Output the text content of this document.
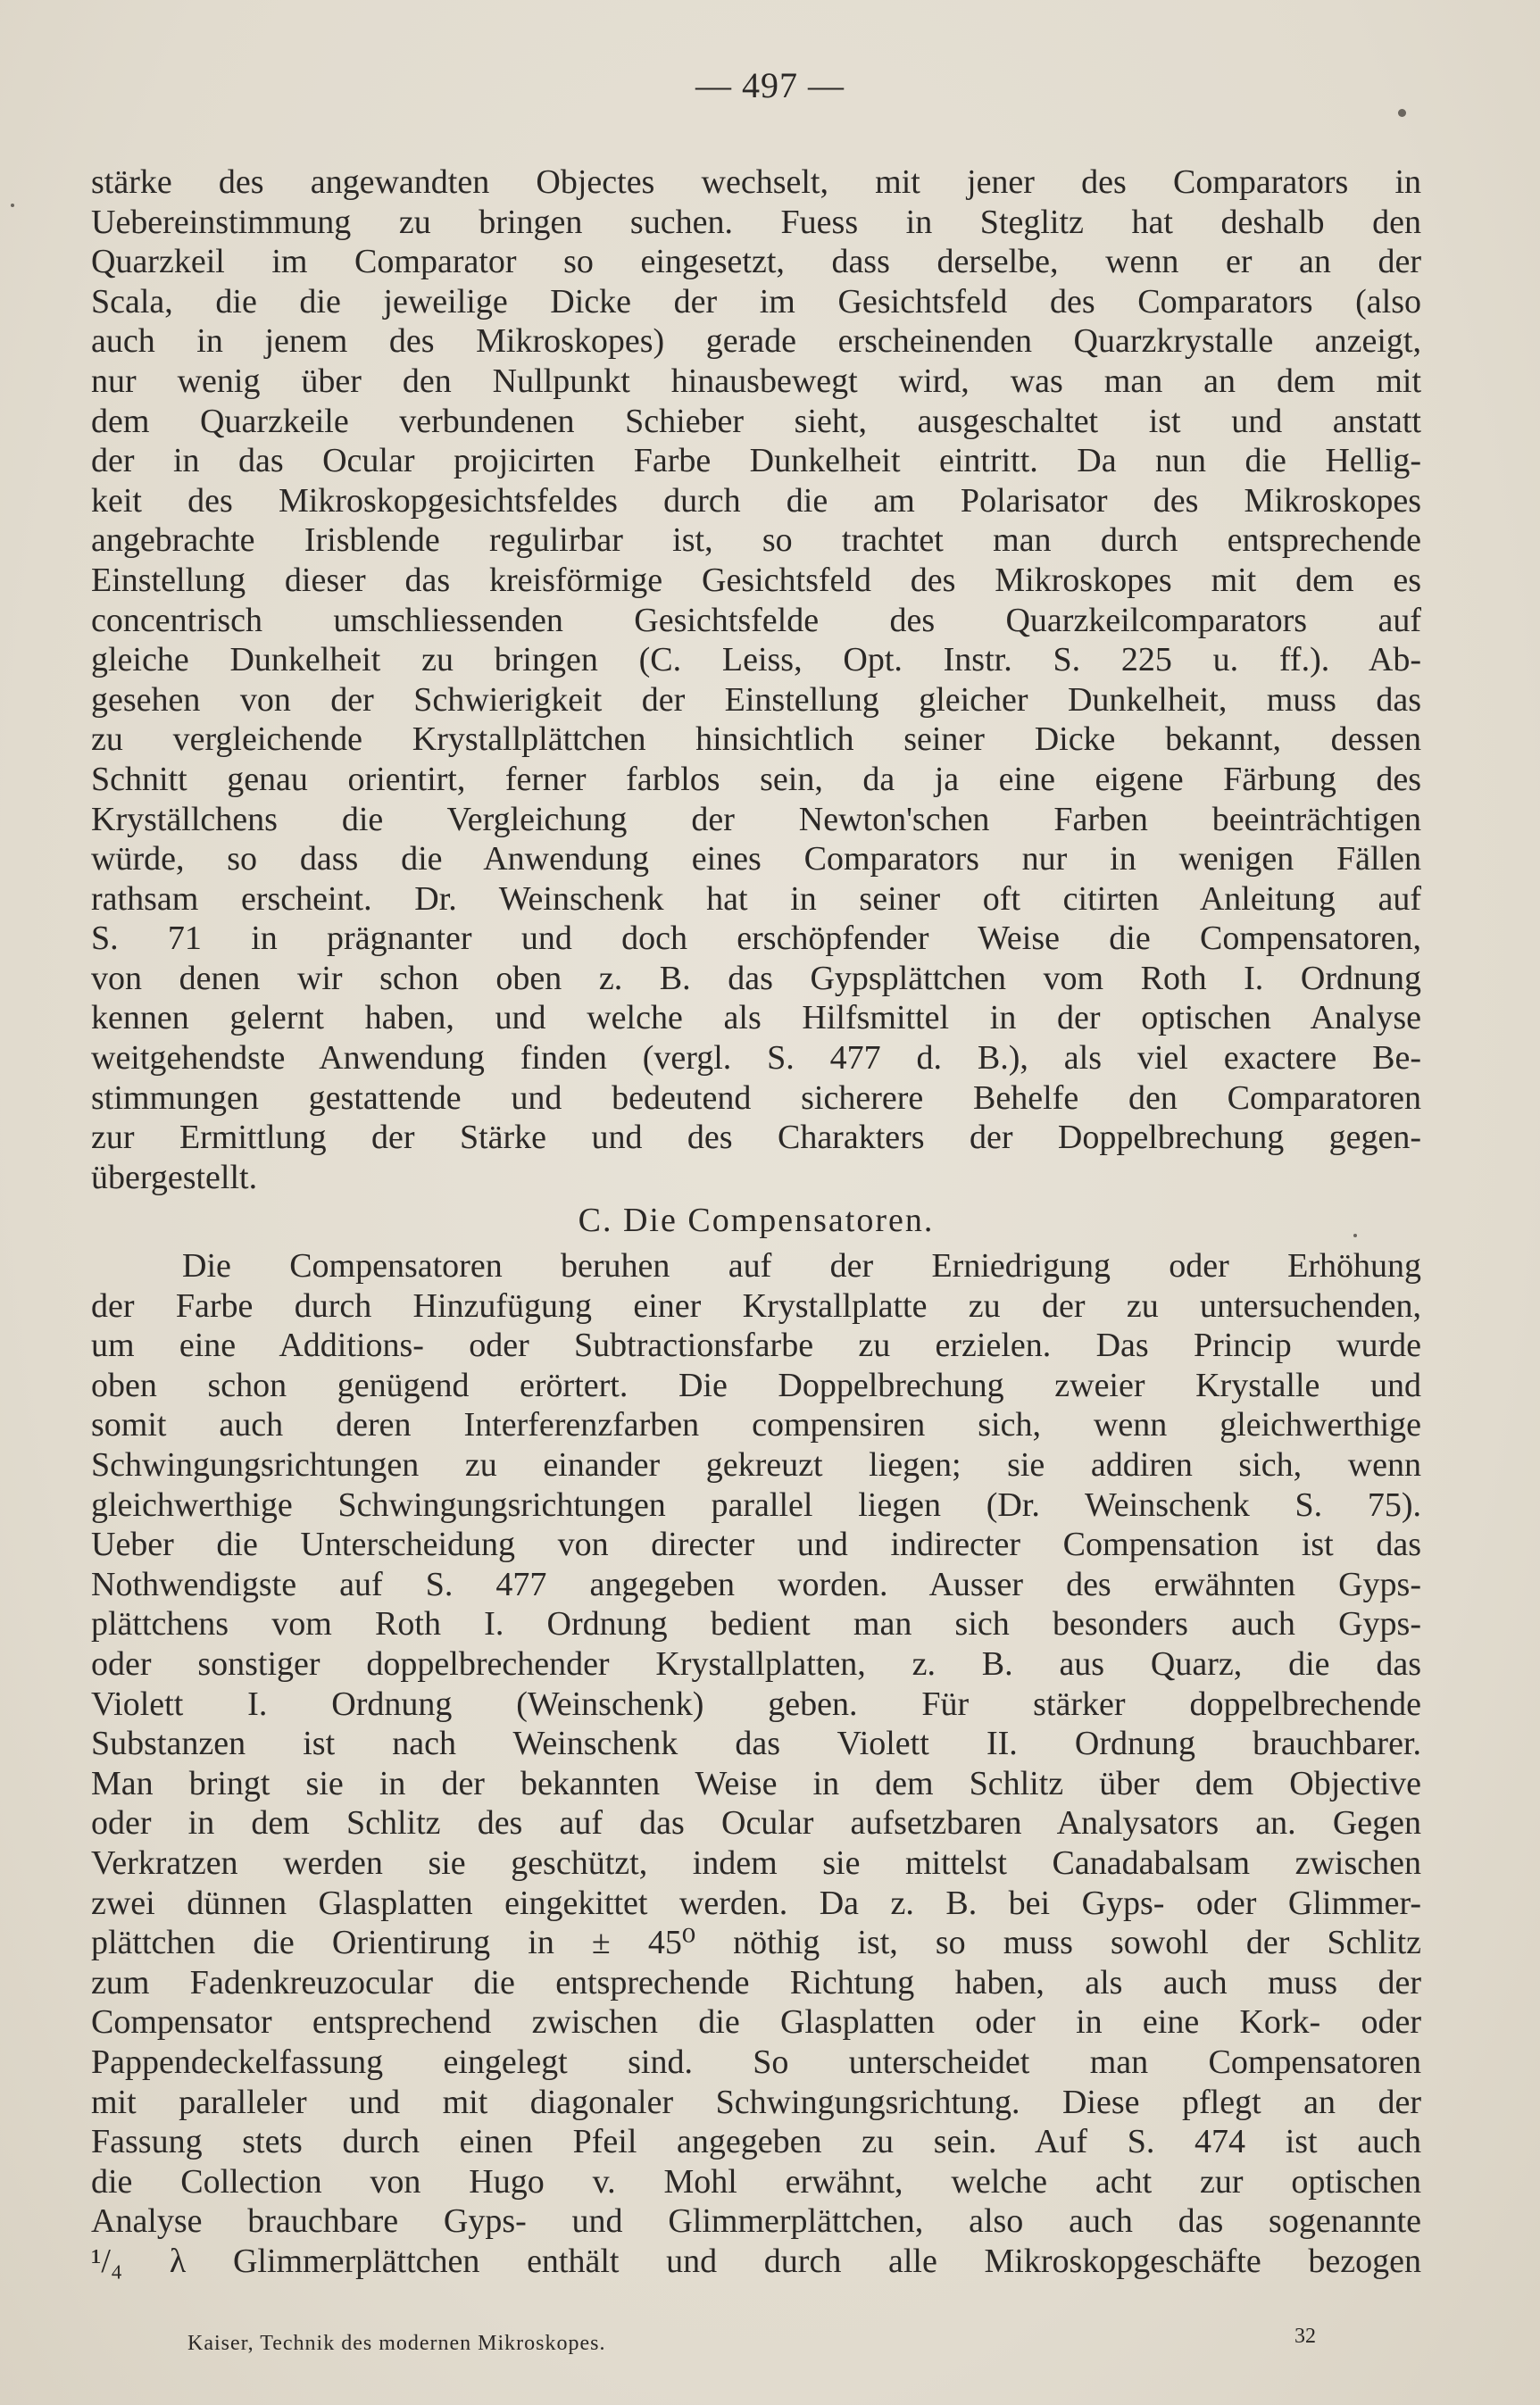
— 497 —
stärke des angewandten Objectes wechselt, mit jener des Comparators in
Uebereinstimmung zu bringen suchen. Fuess in Steglitz hat deshalb den
Quarzkeil im Comparator so eingesetzt, dass derselbe, wenn er an der
Scala, die die jeweilige Dicke der im Gesichtsfeld des Comparators (also
auch in jenem des Mikroskopes) gerade erscheinenden Quarzkrystalle anzeigt,
nur wenig über den Nullpunkt hinausbewegt wird, was man an dem mit
dem Quarzkeile verbundenen Schieber sieht, ausgeschaltet ist und anstatt
der in das Ocular projicirten Farbe Dunkelheit eintritt. Da nun die Hellig-
keit des Mikroskopgesichtsfeldes durch die am Polarisator des Mikroskopes
angebrachte Irisblende regulirbar ist, so trachtet man durch entsprechende
Einstellung dieser das kreisförmige Gesichtsfeld des Mikroskopes mit dem es
concentrisch umschliessenden Gesichtsfelde des Quarzkeilcomparators auf
gleiche Dunkelheit zu bringen (C. Leiss, Opt. Instr. S. 225 u. ff.). Ab-
gesehen von der Schwierigkeit der Einstellung gleicher Dunkelheit, muss das
zu vergleichende Krystallplättchen hinsichtlich seiner Dicke bekannt, dessen
Schnitt genau orientirt, ferner farblos sein, da ja eine eigene Färbung des
Kryställchens die Vergleichung der Newton'schen Farben beeinträchtigen
würde, so dass die Anwendung eines Comparators nur in wenigen Fällen
rathsam erscheint. Dr. Weinschenk hat in seiner oft citirten Anleitung auf
S. 71 in prägnanter und doch erschöpfender Weise die Compensatoren,
von denen wir schon oben z. B. das Gypsplättchen vom Roth I. Ordnung
kennen gelernt haben, und welche als Hilfsmittel in der optischen Analyse
weitgehendste Anwendung finden (vergl. S. 477 d. B.), als viel exactere Be-
stimmungen gestattende und bedeutend sicherere Behelfe den Comparatoren
zur Ermittlung der Stärke und des Charakters der Doppelbrechung gegen-
übergestellt.
C. Die Compensatoren.
Die Compensatoren beruhen auf der Erniedrigung oder Erhöhung
der Farbe durch Hinzufügung einer Krystallplatte zu der zu untersuchenden,
um eine Additions- oder Subtractionsfarbe zu erzielen. Das Princip wurde
oben schon genügend erörtert. Die Doppelbrechung zweier Krystalle und
somit auch deren Interferenzfarben compensiren sich, wenn gleichwerthige
Schwingungsrichtungen zu einander gekreuzt liegen; sie addiren sich, wenn
gleichwerthige Schwingungsrichtungen parallel liegen (Dr. Weinschenk S. 75).
Ueber die Unterscheidung von directer und indirecter Compensation ist das
Nothwendigste auf S. 477 angegeben worden. Ausser des erwähnten Gyps-
plättchens vom Roth I. Ordnung bedient man sich besonders auch Gyps-
oder sonstiger doppelbrechender Krystallplatten, z. B. aus Quarz, die das
Violett I. Ordnung (Weinschenk) geben. Für stärker doppelbrechende
Substanzen ist nach Weinschenk das Violett II. Ordnung brauchbarer.
Man bringt sie in der bekannten Weise in dem Schlitz über dem Objective
oder in dem Schlitz des auf das Ocular aufsetzbaren Analysators an. Gegen
Verkratzen werden sie geschützt, indem sie mittelst Canadabalsam zwischen
zwei dünnen Glasplatten eingekittet werden. Da z. B. bei Gyps- oder Glimmer-
plättchen die Orientirung in ± 45⁰ nöthig ist, so muss sowohl der Schlitz
zum Fadenkreuzocular die entsprechende Richtung haben, als auch muss der
Compensator entsprechend zwischen die Glasplatten oder in eine Kork- oder
Pappendeckelfassung eingelegt sind. So unterscheidet man Compensatoren
mit paralleler und mit diagonaler Schwingungsrichtung. Diese pflegt an der
Fassung stets durch einen Pfeil angegeben zu sein. Auf S. 474 ist auch
die Collection von Hugo v. Mohl erwähnt, welche acht zur optischen
Analyse brauchbare Gyps- und Glimmerplättchen, also auch das sogenannte
¹/₄ λ Glimmerplättchen enthält und durch alle Mikroskopgeschäfte bezogen
Kaiser, Technik des modernen Mikroskopes.	32
